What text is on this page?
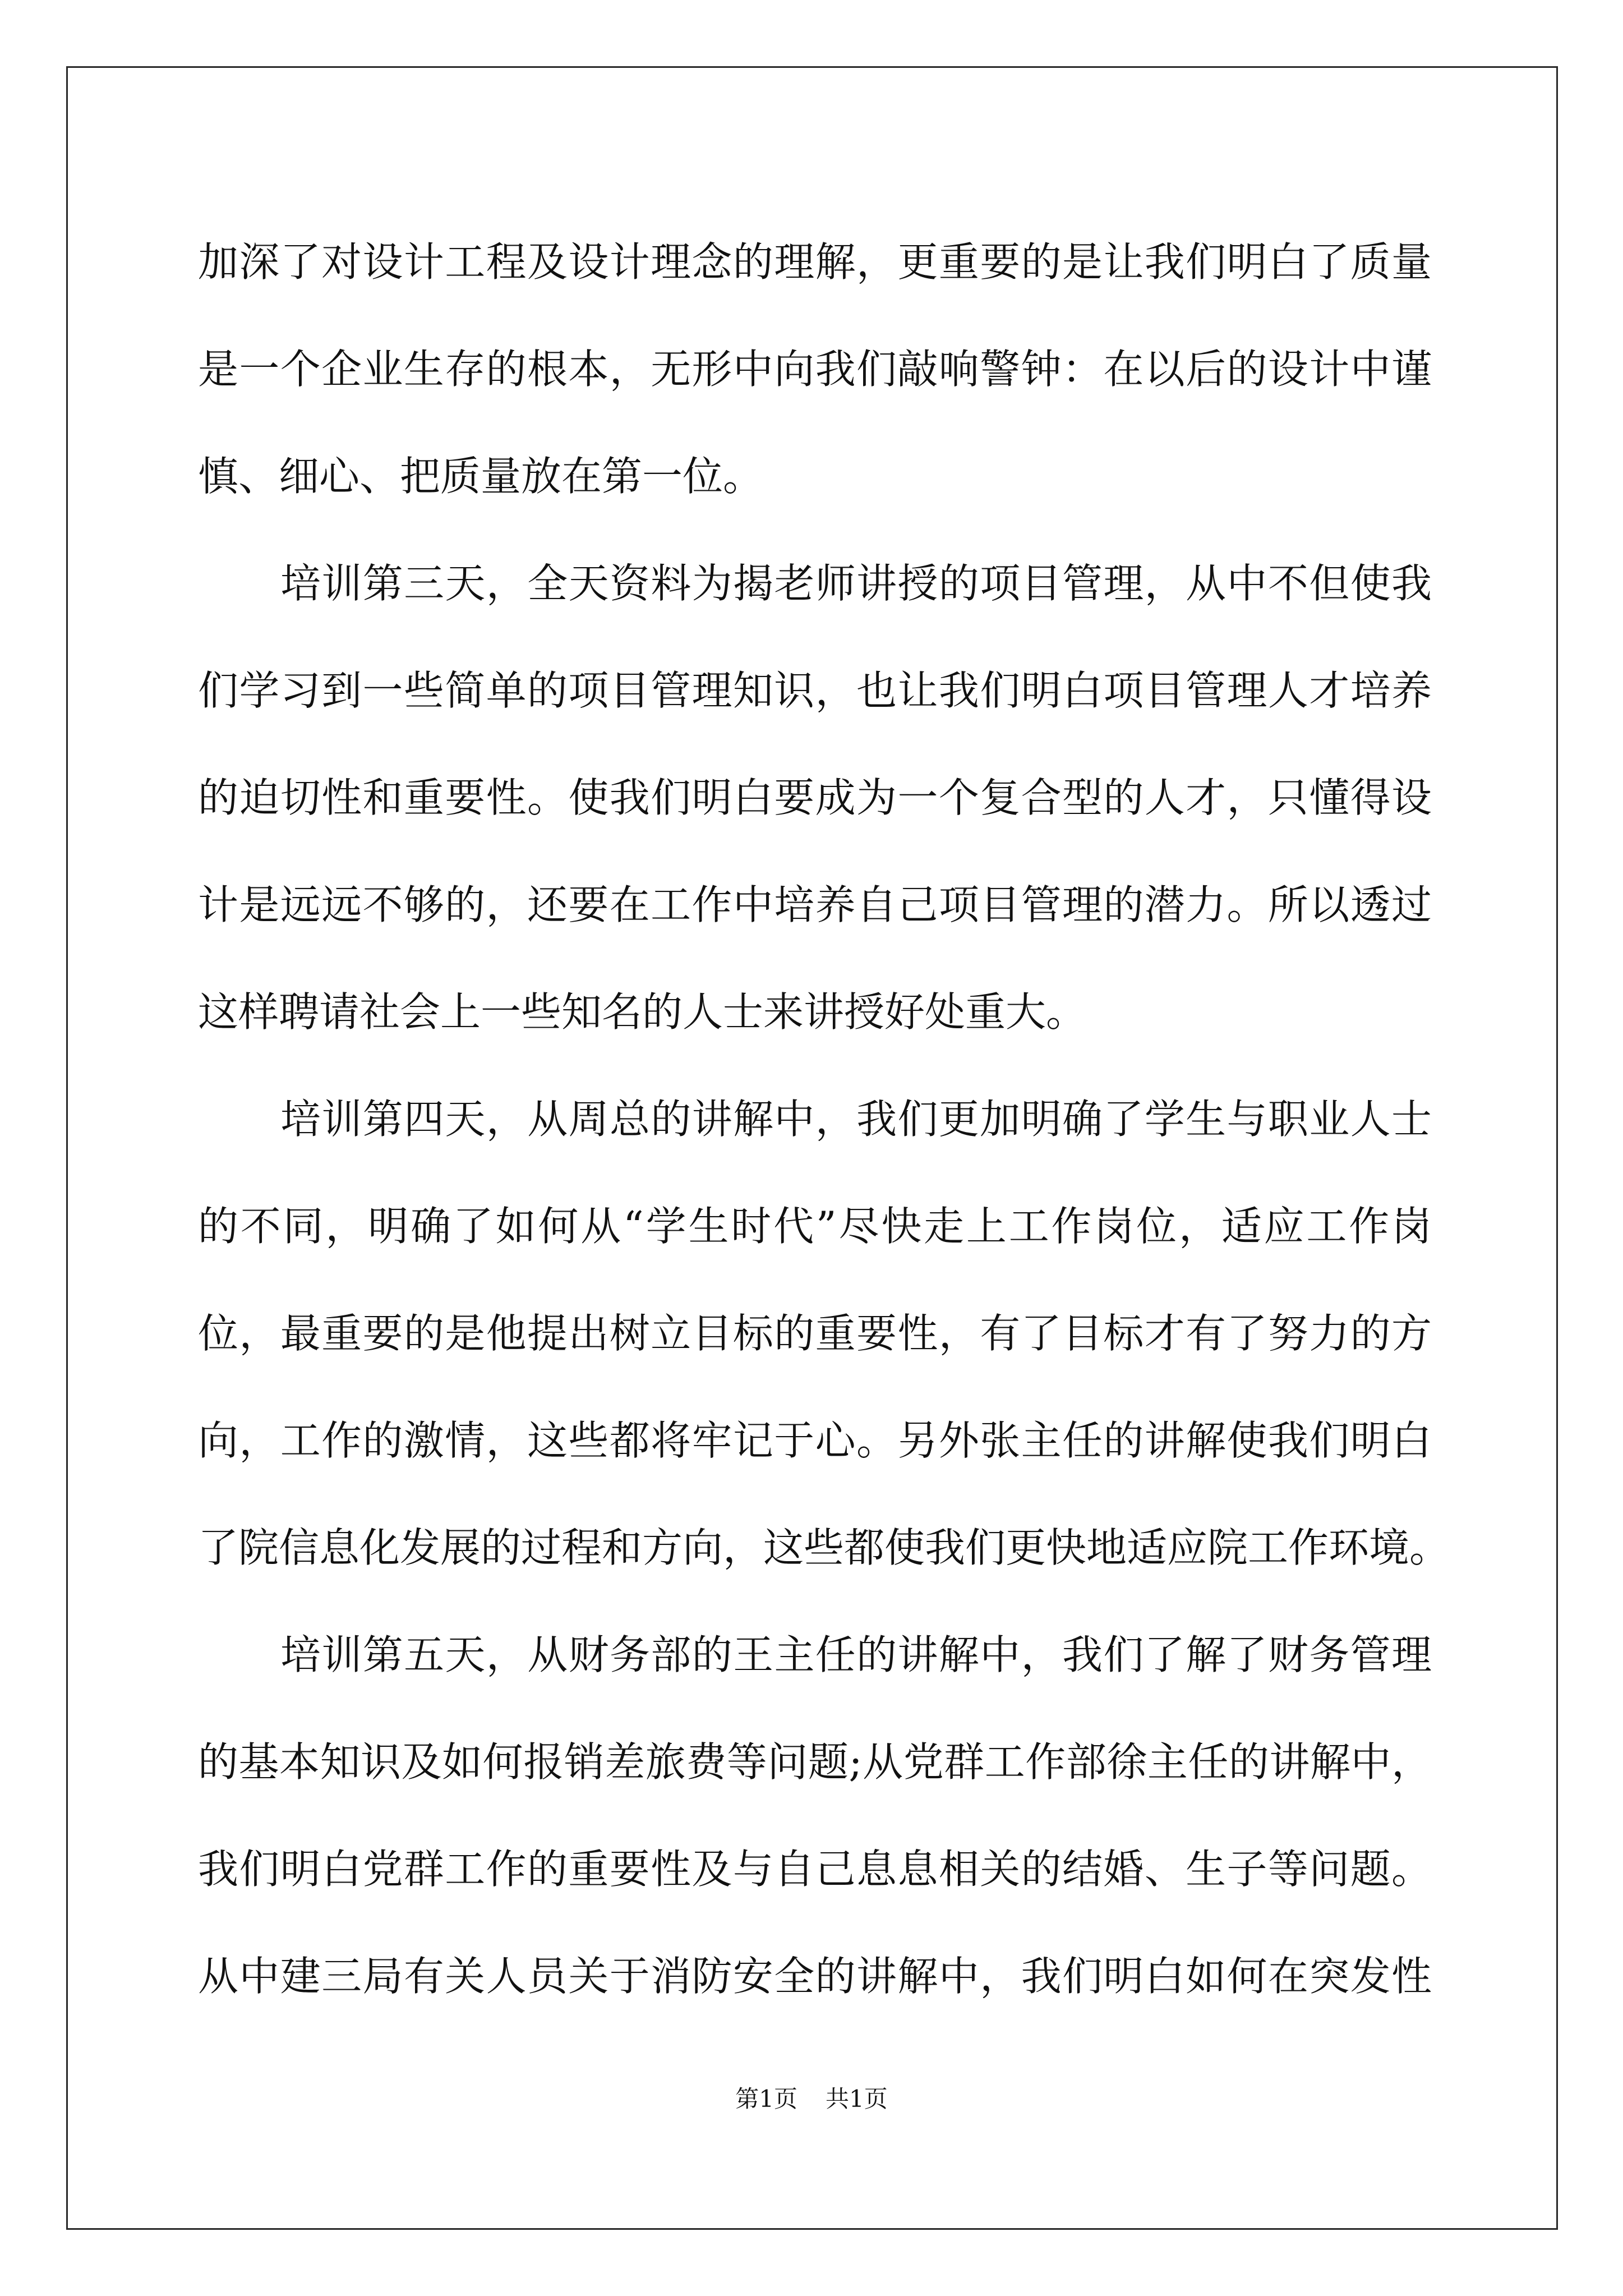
加深了对设计工程及设计理念的理解，更重要的是让我们明白了质量
是一个企业生存的根本，无形中向我们敲响警钟：在以后的设计中谨
慎、细心、把质量放在第一位。
培训第三天，全天资料为揭老师讲授的项目管理，从中不但使我
们学习到一些简单的项目管理知识，也让我们明白项目管理人才培养
的迫切性和重要性。使我们明白要成为一个复合型的人才，只懂得设
计是远远不够的，还要在工作中培养自己项目管理的潜力。所以透过
这样聘请社会上一些知名的人士来讲授好处重大。
培训第四天，从周总的讲解中，我们更加明确了学生与职业人士
的不同，明确了如何从“学生时代”尽快走上工作岗位，适应工作岗
位，最重要的是他提出树立目标的重要性，有了目标才有了努力的方
向，工作的激情，这些都将牢记于心。另外张主任的讲解使我们明白
了院信息化发展的过程和方向，这些都使我们更快地适应院工作环境。
培训第五天，从财务部的王主任的讲解中，我们了解了财务管理
的基本知识及如何报销差旅费等问题;从党群工作部徐主任的讲解中，
我们明白党群工作的重要性及与自己息息相关的结婚、生子等问题。
从中建三局有关人员关于消防安全的讲解中，我们明白如何在突发性
第1页 共1页
